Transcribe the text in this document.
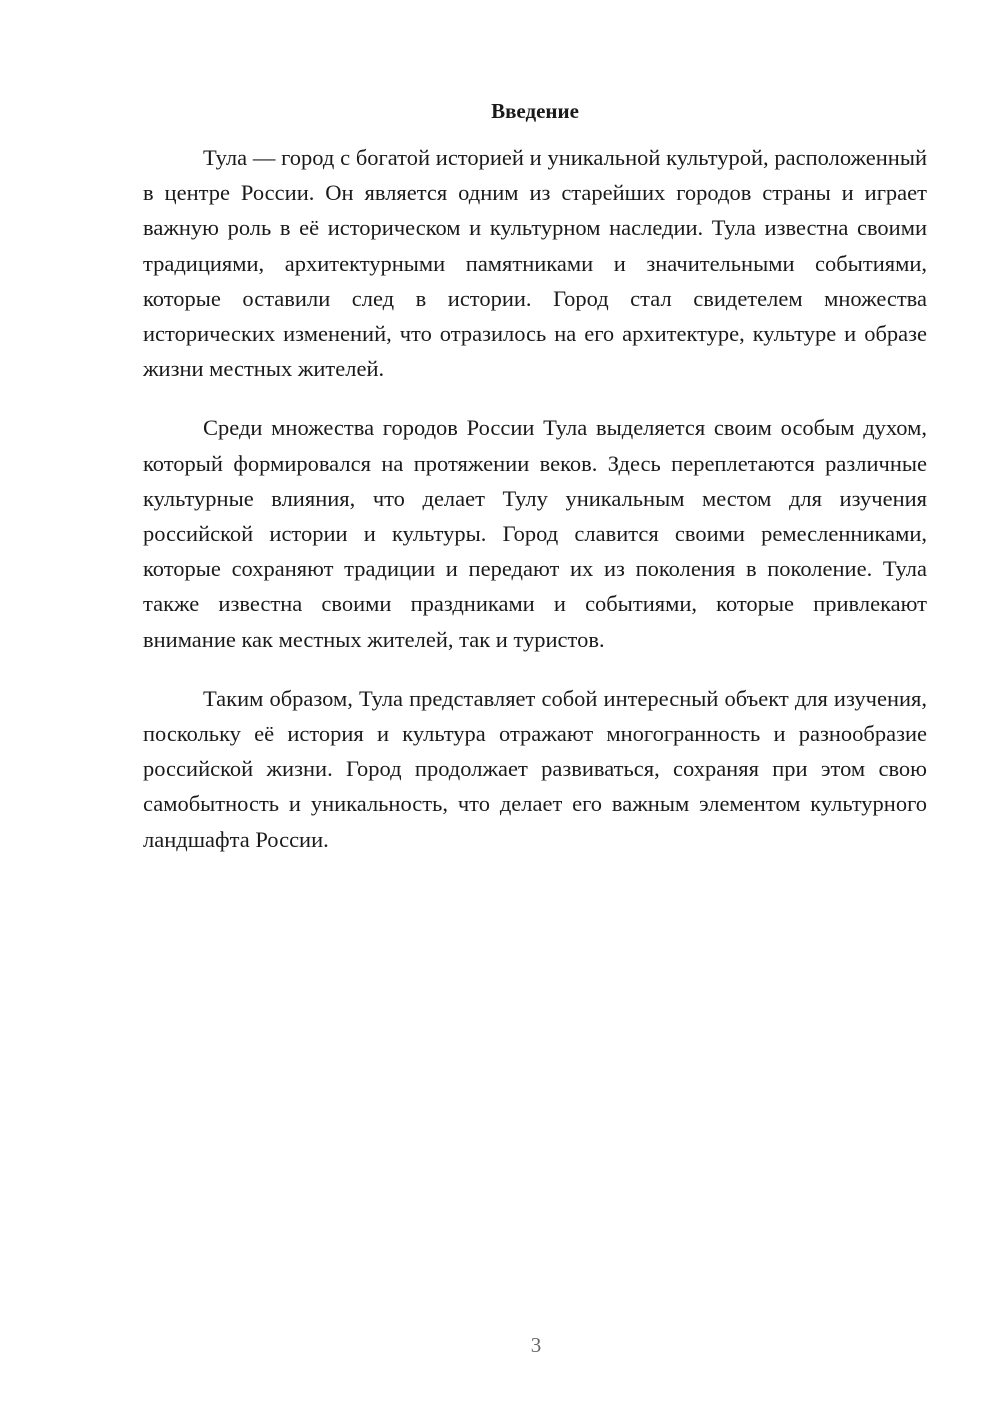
Введение

Тула — город с богатой историей и уникальной культурой, расположенный в центре России. Он является одним из старейших городов страны и играет важную роль в её историческом и культурном наследии. Тула известна своими традициями, архитектурными памятниками и значительными событиями, которые оставили след в истории. Город стал свидетелем множества исторических изменений, что отразилось на его архитектуре, культуре и образе жизни местных жителей.

Среди множества городов России Тула выделяется своим особым духом, который формировался на протяжении веков. Здесь переплетаются различные культурные влияния, что делает Тулу уникальным местом для изучения российской истории и культуры. Город славится своими ремесленниками, которые сохраняют традиции и передают их из поколения в поколение. Тула также известна своими праздниками и событиями, которые привлекают внимание как местных жителей, так и туристов.

Таким образом, Тула представляет собой интересный объект для изучения, поскольку её история и культура отражают многогранность и разнообразие российской жизни. Город продолжает развиваться, сохраняя при этом свою самобытность и уникальность, что делает его важным элементом культурного ландшафта России.

3
